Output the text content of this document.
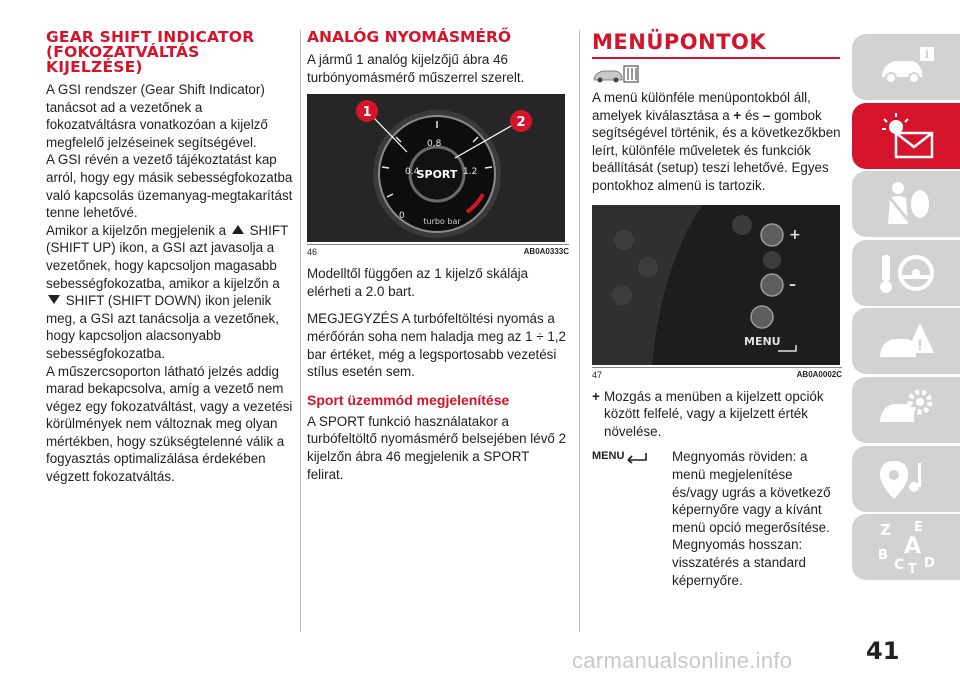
GEAR SHIFT INDICATOR (FOKOZATVÁLTÁS KIJELZÉSE)

A GSI rendszer (Gear Shift Indicator) tanácsot ad a vezetőnek a fokozatváltásra vonatkozóan a kijelző megfelelő jelzéseinek segítségével.

A GSI révén a vezető tájékoztatást kap arról, hogy egy másik sebességfokozatba való kapcsolás üzemanyag-megtakarítást tenne lehetővé.

Amikor a kijelzőn megjelenik a SHIFT (SHIFT UP) ikon, a GSI azt javasolja a vezetőnek, hogy kapcsoljon magasabb sebességfokozatba, amikor a kijelzőn a  SHIFT (SHIFT DOWN) ikon jelenik meg, a GSI azt tanácsolja a vezetőnek, hogy kapcsoljon alacsonyabb sebességfokozatba.

A műszercsoporton látható jelzés addig marad bekapcsolva, amíg a vezető nem végez egy fokozatváltást, vagy a vezetési körülmények nem változnak meg olyan mértékben, hogy szükségtelenné válik a fogyasztás optimalizálása érdekében végzett fokozatváltás.

ANALÓG NYOMÁSMÉRŐ

A jármű 1 analóg kijelzőjű ábra 46 turbónyomásmérő műszerrel szerelt.

0.4
0.8
1.2
0
SPORT
turbo bar
1
2
46	AB0A0333C

Modelltől függően az 1 kijelző skálája elérheti a 2.0 bart.

MEGJEGYZÉS A turbófeltöltési nyomás a mérőórán soha nem haladja meg az 1 ÷ 1,2 bar értéket, még a legsportosabb vezetési stílus esetén sem.

Sport üzemmód megjelenítése

A SPORT funkció használatakor a turbófeltöltő nyomásmérő belsejében lévő 2 kijelzőn ábra 46 megjelenik a SPORT felirat.

MENÜPONTOK

A menü különféle menüpontokból áll, amelyek kiválasztása a + és – gombok segítségével történik, és a következőkben leírt, különféle műveletek és funkciók beállítását (setup) teszi lehetővé. Egyes pontokhoz almenü is tartozik.

+
–
MENU
47	AB0A0002C
+ Mozgás a menüben a kijelzett opciók között felfelé, vagy a kijelzett érték növelése.
MENU	Megnyomás röviden: a menü megjelenítése és/vagy ugrás a következő képernyőre vagy a kívánt menü opció megerősítése. Megnyomás hosszan: visszatérés a standard képernyőre.
i
!
Z E
B A
C T D
41
carmanualsonline.info
